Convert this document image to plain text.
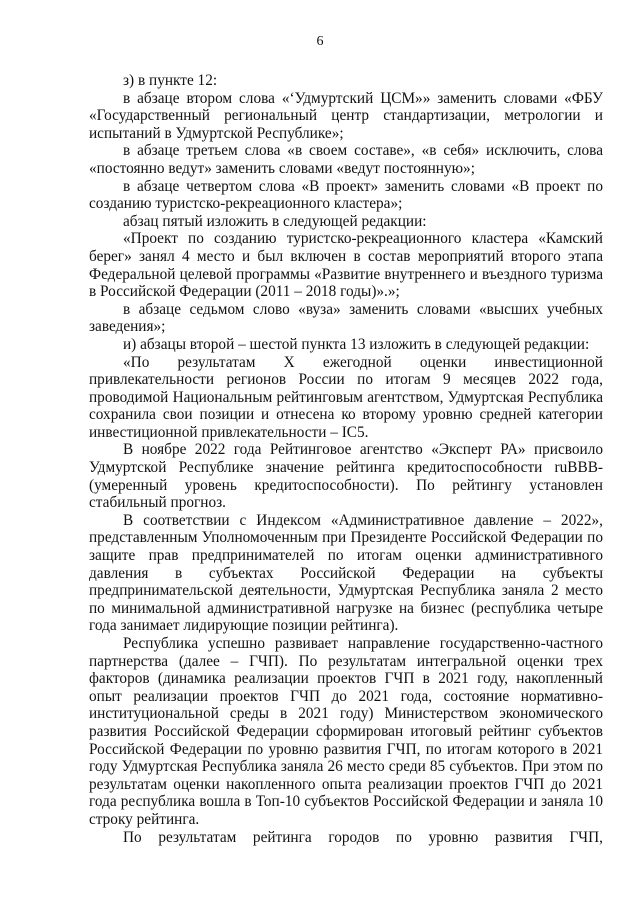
6

з) в пункте 12:

в абзаце втором слова «ʻУдмуртский ЦСМ»» заменить словами «ФБУ «Государственный региональный центр стандартизации, метрологии и испытаний в Удмуртской Республике»;

в абзаце третьем слова «в своем составе», «в себя» исключить, слова «постоянно ведут» заменить словами «ведут постоянную»;

в абзаце четвертом слова «В проект» заменить словами «В проект по созданию туристско-рекреационного кластера»;

абзац пятый изложить в следующей редакции:

«Проект по созданию туристско-рекреационного кластера «Камский берег» занял 4 место и был включен в состав мероприятий второго этапа Федеральной целевой программы «Развитие внутреннего и въездного туризма в Российской Федерации (2011 – 2018 годы)».»;

в абзаце седьмом слово «вуза» заменить словами «высших учебных заведения»;

и) абзацы второй – шестой пункта 13 изложить в следующей редакции:

«По результатам X ежегодной оценки инвестиционной привлекательности регионов России по итогам 9 месяцев 2022 года, проводимой Национальным рейтинговым агентством, Удмуртская Республика сохранила свои позиции и отнесена ко второму уровню средней категории инвестиционной привлекательности – IC5.

В ноябре 2022 года Рейтинговое агентство «Эксперт РА» присвоило Удмуртской Республике значение рейтинга кредитоспособности ruBBB- (умеренный уровень кредитоспособности). По рейтингу установлен стабильный прогноз.

В соответствии с Индексом «Административное давление – 2022», представленным Уполномоченным при Президенте Российской Федерации по защите прав предпринимателей по итогам оценки административного давления в субъектах Российской Федерации на субъекты предпринимательской деятельности, Удмуртская Республика заняла 2 место по минимальной административной нагрузке на бизнес (республика четыре года занимает лидирующие позиции рейтинга).

Республика успешно развивает направление государственно-частного партнерства (далее – ГЧП). По результатам интегральной оценки трех факторов (динамика реализации проектов ГЧП в 2021 году, накопленный опыт реализации проектов ГЧП до 2021 года, состояние нормативно-институциональной среды в 2021 году) Министерством экономического развития Российской Федерации сформирован итоговый рейтинг субъектов Российской Федерации по уровню развития ГЧП, по итогам которого в 2021 году Удмуртская Республика заняла 26 место среди 85 субъектов. При этом по результатам оценки накопленного опыта реализации проектов ГЧП до 2021 года республика вошла в Топ-10 субъектов Российской Федерации и заняла 10 строку рейтинга.

По результатам рейтинга городов по уровню развития ГЧП,
